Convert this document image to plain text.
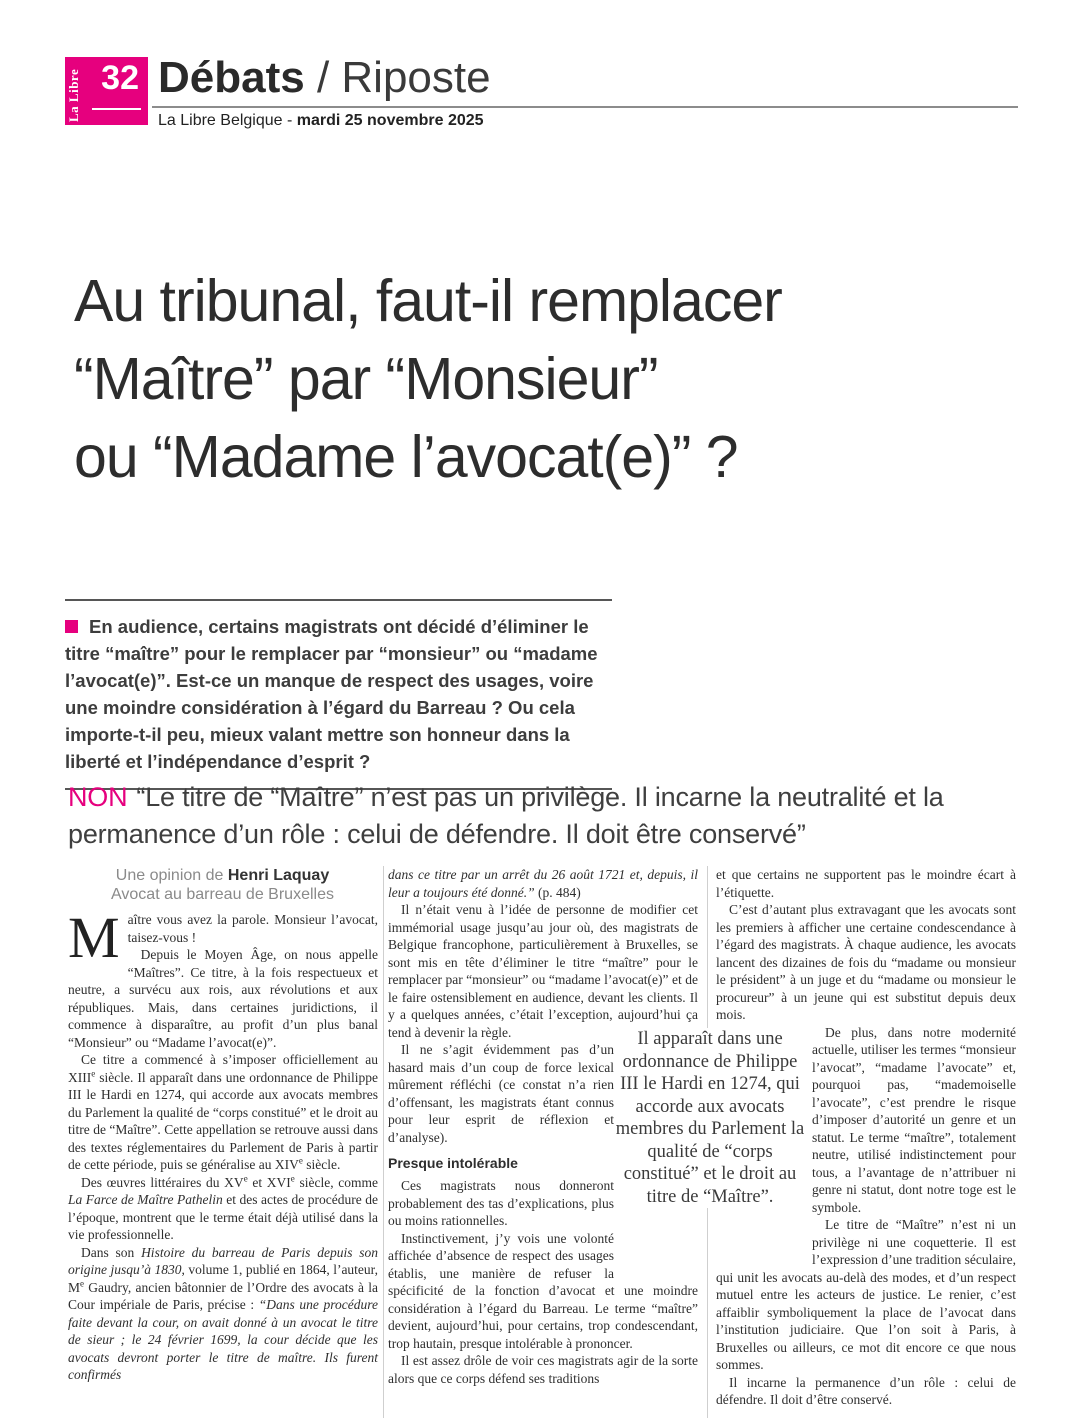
La Libre 32 Débats / Riposte
La Libre Belgique - mardi 25 novembre 2025
Au tribunal, faut-il remplacer
“Maître” par “Monsieur”
ou “Madame l’avocat(e)” ?
En audience, certains magistrats ont décidé d’éliminer le titre “maître” pour le remplacer par “monsieur” ou “madame l’avocat(e)”. Est-ce un manque de respect des usages, voire une moindre considération à l’égard du Barreau ? Ou cela importe-t-il peu, mieux valant mettre son honneur dans la liberté et l’indépendance d’esprit ?
NON “Le titre de “Maître” n’est pas un privilège. Il incarne la neutralité et la permanence d’un rôle : celui de défendre. Il doit être conservé”
Une opinion de Henri Laquay
Avocat au barreau de Bruxelles
M aître vous avez la parole. Monsieur l’avocat, taisez-vous !

Depuis le Moyen Âge, on nous appelle “Maîtres”. Ce titre, à la fois respectueux et neutre, a survécu aux rois, aux révolutions et aux républiques. Mais, dans certaines juridictions, il commence à disparaître, au profit d’un plus banal “Monsieur” ou “Madame l’avocat(e)”.

Ce titre a commencé à s’imposer officiellement au XIIIe siècle. Il apparaît dans une ordonnance de Philippe III le Hardi en 1274, qui accorde aux avocats membres du Parlement la qualité de “corps constitué” et le droit au titre de “Maître”. Cette appellation se retrouve aussi dans des textes réglementaires du Parlement de Paris à partir de cette période, puis se généralise au XIVe siècle.

Des œuvres littéraires du XVe et XVIe siècle, comme La Farce de Maître Pathelin et des actes de procédure de l’époque, montrent que le terme était déjà utilisé dans la vie professionnelle.

Dans son Histoire du barreau de Paris depuis son origine jusqu’à 1830, volume 1, publié en 1864, l’auteur, Me Gaudry, ancien bâtonnier de l’Ordre des avocats à la Cour impériale de Paris, précise : “Dans une procédure faite devant la cour, on avait donné à un avocat le titre de sieur ; le 24 février 1699, la cour décide que les avocats devront porter le titre de maître. Ils furent confirmés

dans ce titre par un arrêt du 26 août 1721 et, depuis, il leur a toujours été donné.” (p. 484)

Il n’était venu à l’idée de personne de modifier cet immémorial usage jusqu’au jour où, des magistrats de Belgique francophone, particulièrement à Bruxelles, se sont mis en tête d’éliminer le titre “maître” pour le remplacer par “monsieur” ou “madame l’avocat(e)” et de le faire ostensiblement en audience, devant les clients. Il y a quelques années, c’était l’exception, aujourd’hui ça tend à devenir la règle.

Il ne s’agit évidemment pas d’un hasard mais d’un coup de force lexical mûrement réfléchi (ce constat n’a rien d’offensant, les magistrats étant connus pour leur esprit de réflexion et d’analyse).

Presque intolérable

Ces magistrats nous donneront probablement des tas d’explications, plus ou moins rationnelles.

Instinctivement, j’y vois une volonté affichée d’absence de respect des usages établis, une manière de refuser la spécificité de la fonction d’avocat et une moindre considération à l’égard du Barreau. Le terme “maître” devient, aujourd’hui, pour certains, trop condescendant, trop hautain, presque intolérable à prononcer.

Il est assez drôle de voir ces magistrats agir de la sorte alors que ce corps défend ses traditions

et que certains ne supportent pas le moindre écart à l’étiquette.

C’est d’autant plus extravagant que les avocats sont les premiers à afficher une certaine condescendance à l’égard des magistrats. À chaque audience, les avocats lancent des dizaines de fois du “madame ou monsieur le président” à un juge et du “madame ou monsieur le procureur” à un jeune qui est substitut depuis deux mois.

De plus, dans notre modernité actuelle, utiliser les termes “monsieur l’avocat”, “madame l’avocate” et, pourquoi pas, “mademoiselle l’avocate”, c’est prendre le risque d’imposer d’autorité un genre et un statut. Le terme “maître”, totalement neutre, utilisé indistinctement pour tous, a l’avantage de n’attribuer ni genre ni statut, dont notre toge est le symbole.

Le titre de “Maître” n’est ni un privilège ni une coquetterie. Il est l’expression d’une tradition séculaire, qui unit les avocats au-delà des modes, et d’un respect mutuel entre les acteurs de justice. Le renier, c’est affaiblir symboliquement la place de l’avocat dans l’institution judiciaire. Que l’on soit à Paris, à Bruxelles ou ailleurs, ce mot dit encore ce que nous sommes.

Il incarne la permanence d’un rôle : celui de défendre. Il doit d’être conservé.

Il apparaît dans une ordonnance de Philippe III le Hardi en 1274, qui accorde aux avocats membres du Parlement la qualité de “corps constitué” et le droit au titre de “Maître”.
